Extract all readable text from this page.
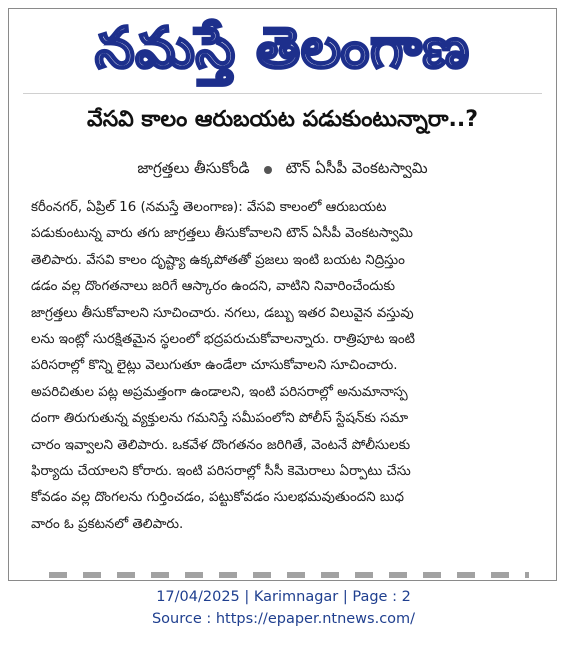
నమస్తే తెలంగాణ
వేసవి కాలం ఆరుబయట పడుకుంటున్నారా..?
జాగ్రత్తలు తీసుకోండి టౌన్ ఏసీపీ వెంకటస్వామి
కరీంనగర్, ఏప్రిల్ 16 (నమస్తే తెలంగాణ): వేసవి కాలంలో ఆరుబయట
పడుకుంటున్న వారు తగు జాగ్రత్తలు తీసుకోవాలని టౌన్ ఏసీపీ వెంకటస్వామి
తెలిపారు. వేసవి కాలం దృష్ట్యా ఉక్కపోతతో ప్రజలు ఇంటి బయట నిద్రిస్తుం
డడం వల్ల దొంగతనాలు జరిగే ఆస్కారం ఉందని, వాటిని నివారించేందుకు
జాగ్రత్తలు తీసుకోవాలని సూచించారు. నగలు, డబ్బు ఇతర విలువైన వస్తువు
లను ఇంట్లో సురక్షితమైన స్థలంలో భద్రపరుచుకోవాలన్నారు. రాత్రిపూట ఇంటి
పరిసరాల్లో కొన్ని లైట్లు వెలుగుతూ ఉండేలా చూసుకోవాలని సూచించారు.
అపరిచితుల పట్ల అప్రమత్తంగా ఉండాలని, ఇంటి పరిసరాల్లో అనుమానాస్ప
దంగా తిరుగుతున్న వ్యక్తులను గమనిస్తే సమీపంలోని పోలీస్ స్టేషన్‌కు సమా
చారం ఇవ్వాలని తెలిపారు. ఒకవేళ దొంగతనం జరిగితే, వెంటనే పోలీసులకు
ఫిర్యాదు చేయాలని కోరారు. ఇంటి పరిసరాల్లో సీసీ కెమెరాలు ఏర్పాటు చేసు
కోవడం వల్ల దొంగలను గుర్తించడం, పట్టుకోవడం సులభమవుతుందని బుధ
వారం ఓ ప్రకటనలో తెలిపారు.
17/04/2025 | Karimnagar | Page : 2
Source : https://epaper.ntnews.com/
